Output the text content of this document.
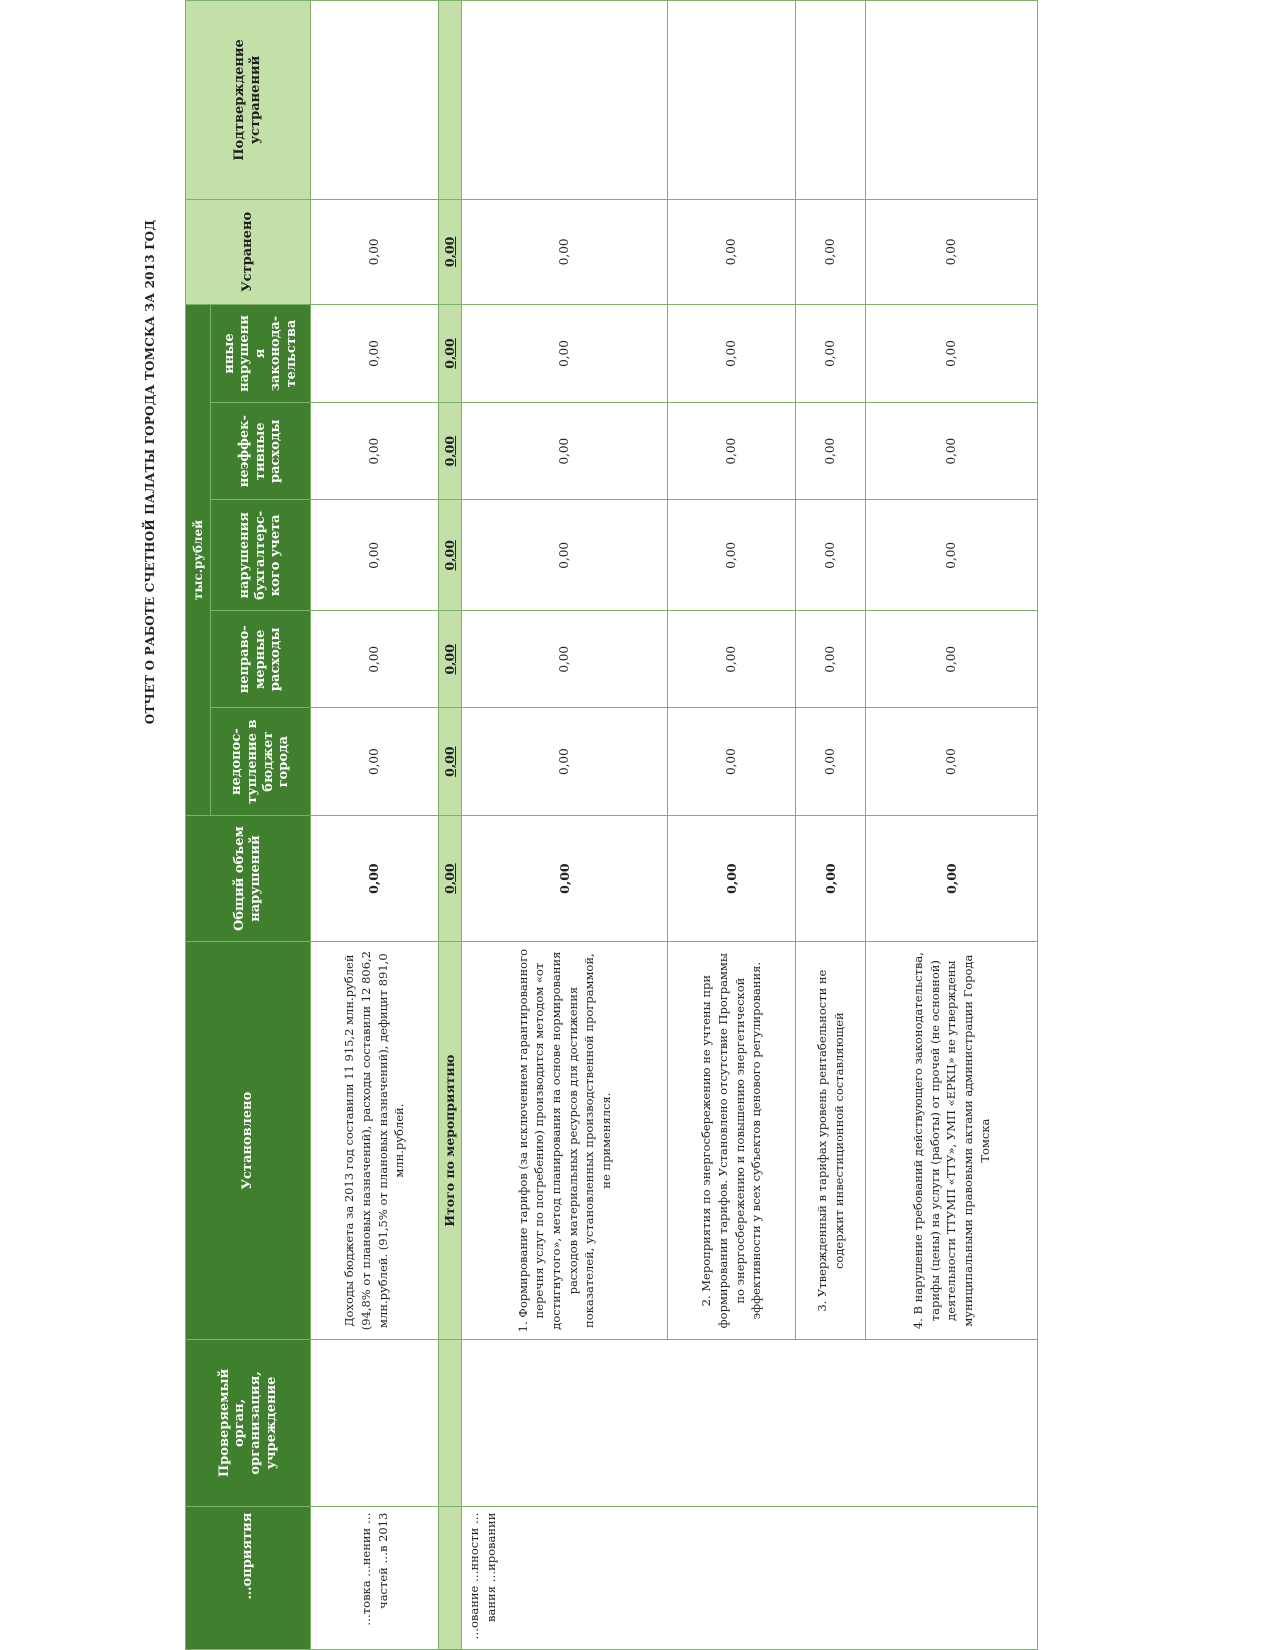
ОТЧЕТ О РАБОТЕ СЧЕТНОЙ ПАЛАТЫ ГОРОДА ТОМСКА ЗА 2013 ГОД
…оприятия	Проверяемый орган, организация, учреждение	Установлено	Общий объем нарушений	тыс.рублей					Устранено	Подтверждение устранений
				недопос-тупление в бюджет города	неправо-мерные расходы	нарушения бухгалтерс-кого учета	неэффек-тивные расходы	иные нарушени я законода-тельства		
…товка …нении …частей …в 2013		Доходы бюджета за 2013 год составили 11 915,2 млн.рублей (94,8% от плановых назначений), расходы составили 12 806,2 млн.рублей. (91,5% от плановых назначений), дефицит 891,0 млн.рублей.	0,00	0,00	0,00	0,00	0,00	0,00	0,00	
		Итого по мероприятию	0,00	0,00	0,00	0,00	0,00	0,00	0,00	
…ование …нности …вания …ировании		1. Формирование тарифов (за исключением гарантированного перечня услуг по погребению) производится методом «от достигнутого», метод планирования на основе нормирования расходов материальных ресурсов для достижения показателей, установленных производственной программой, не применялся.	0,00	0,00	0,00	0,00	0,00	0,00	0,00	
		2. Мероприятия по энергосбережению не учтены при формировании тарифов. Установлено отсутствие Программы по энергосбережению и повышению энергетической эффективности у всех субъектов ценового регулирования.	0,00	0,00	0,00	0,00	0,00	0,00	0,00	
		3. Утвержденный в тарифах уровень рентабельности не содержит инвестиционной составляющей	0,00	0,00	0,00	0,00	0,00	0,00	0,00	
		4. В нарушение требований действующего законодательства, тарифы (цены) на услуги (работы) от прочей (не основной) деятельности ТТУМП «ТТУ», УМП «ЕРКЦ» не утверждены муниципальными правовыми актами администрации Города Томска	0,00	0,00	0,00	0,00	0,00	0,00	0,00	
